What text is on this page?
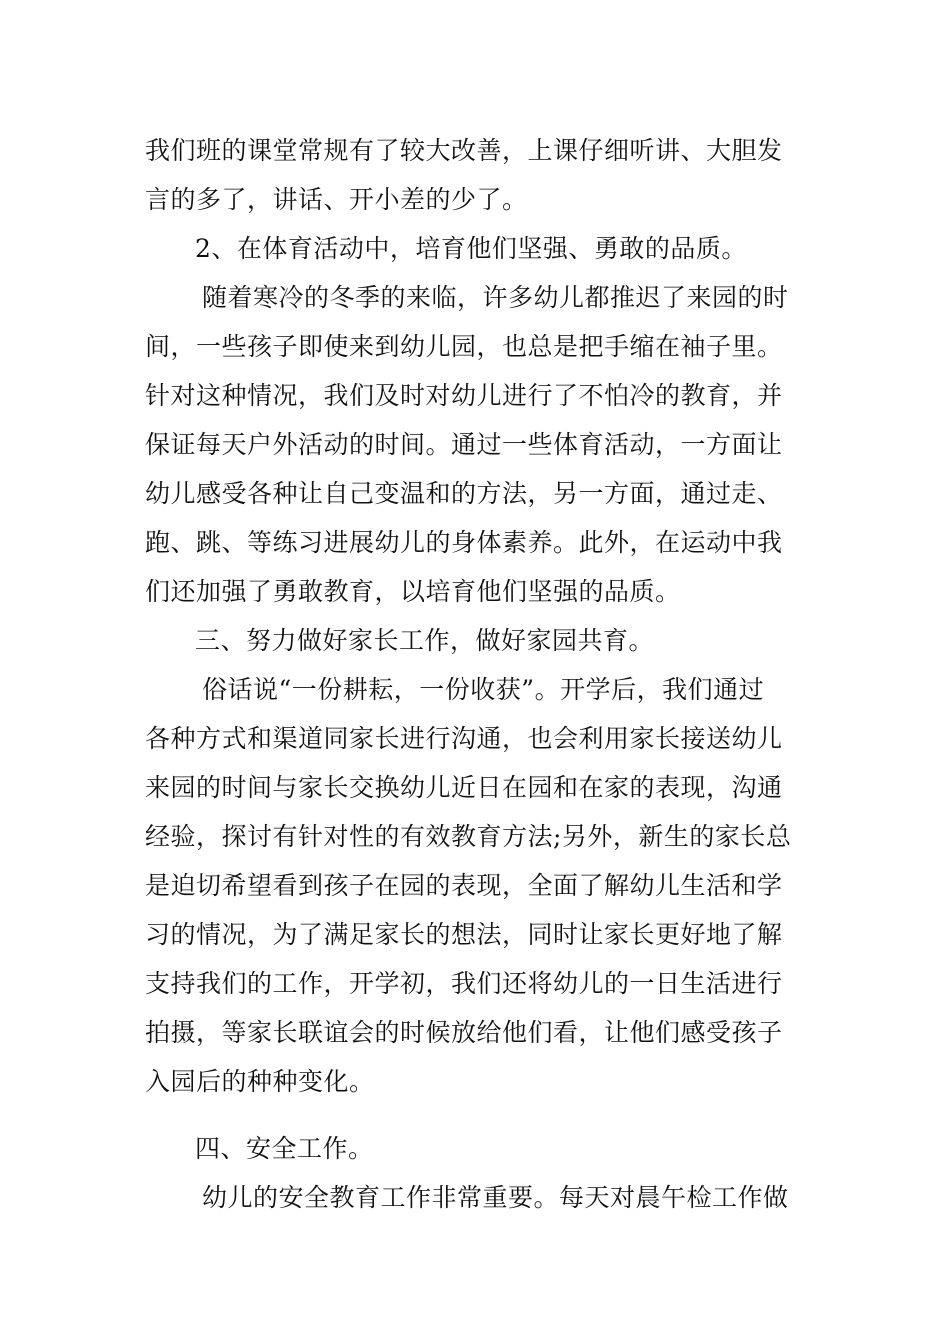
我们班的课堂常规有了较大改善，上课仔细听讲、大胆发
言的多了，讲话、开小差的少了。
2、在体育活动中，培育他们坚强、勇敢的品质。
随着寒冷的冬季的来临，许多幼儿都推迟了来园的时
间，一些孩子即使来到幼儿园，也总是把手缩在袖子里。
针对这种情况，我们及时对幼儿进行了不怕冷的教育，并
保证每天户外活动的时间。通过一些体育活动，一方面让
幼儿感受各种让自己变温和的方法，另一方面，通过走、
跑、跳、等练习进展幼儿的身体素养。此外，在运动中我
们还加强了勇敢教育，以培育他们坚强的品质。
三、努力做好家长工作，做好家园共育。
俗话说“一份耕耘，一份收获”。开学后，我们通过
各种方式和渠道同家长进行沟通，也会利用家长接送幼儿
来园的时间与家长交换幼儿近日在园和在家的表现，沟通
经验，探讨有针对性的有效教育方法;另外，新生的家长总
是迫切希望看到孩子在园的表现，全面了解幼儿生活和学
习的情况，为了满足家长的想法，同时让家长更好地了解
支持我们的工作，开学初，我们还将幼儿的一日生活进行
拍摄，等家长联谊会的时候放给他们看，让他们感受孩子
入园后的种种变化。
四、安全工作。
幼儿的安全教育工作非常重要。每天对晨午检工作做
